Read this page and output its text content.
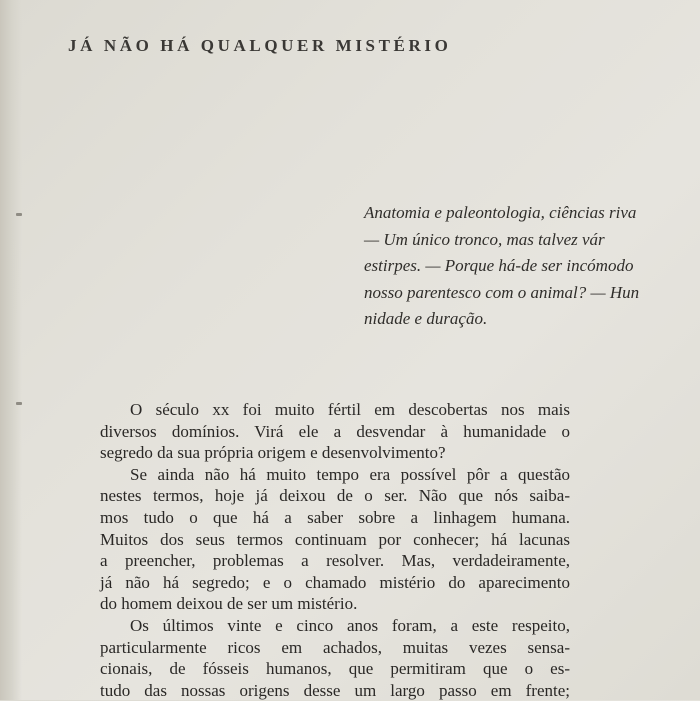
JÁ NÃO HÁ QUALQUER MISTÉRIO
Anatomia e paleontologia, ciências riva
— Um único tronco, mas talvez vár
estirpes. — Porque há-de ser incómodo
nosso parentesco com o animal? — Hun
nidade e duração.
O século xx foi muito fértil em descobertas nos mais
diversos domínios. Virá ele a desvendar à humanidade o
segredo da sua própria origem e desenvolvimento?
Se ainda não há muito tempo era possível pôr a questão
nestes termos, hoje já deixou de o ser. Não que nós saiba-
mos tudo o que há a saber sobre a linhagem humana.
Muitos dos seus termos continuam por conhecer; há lacunas
a preencher, problemas a resolver. Mas, verdadeiramente,
já não há segredo; e o chamado mistério do aparecimento
do homem deixou de ser um mistério.
Os últimos vinte e cinco anos foram, a este respeito,
particularmente ricos em achados, muitas vezes sensa-
cionais, de fósseis humanos, que permitiram que o es-
tudo das nossas origens desse um largo passo em frente;
